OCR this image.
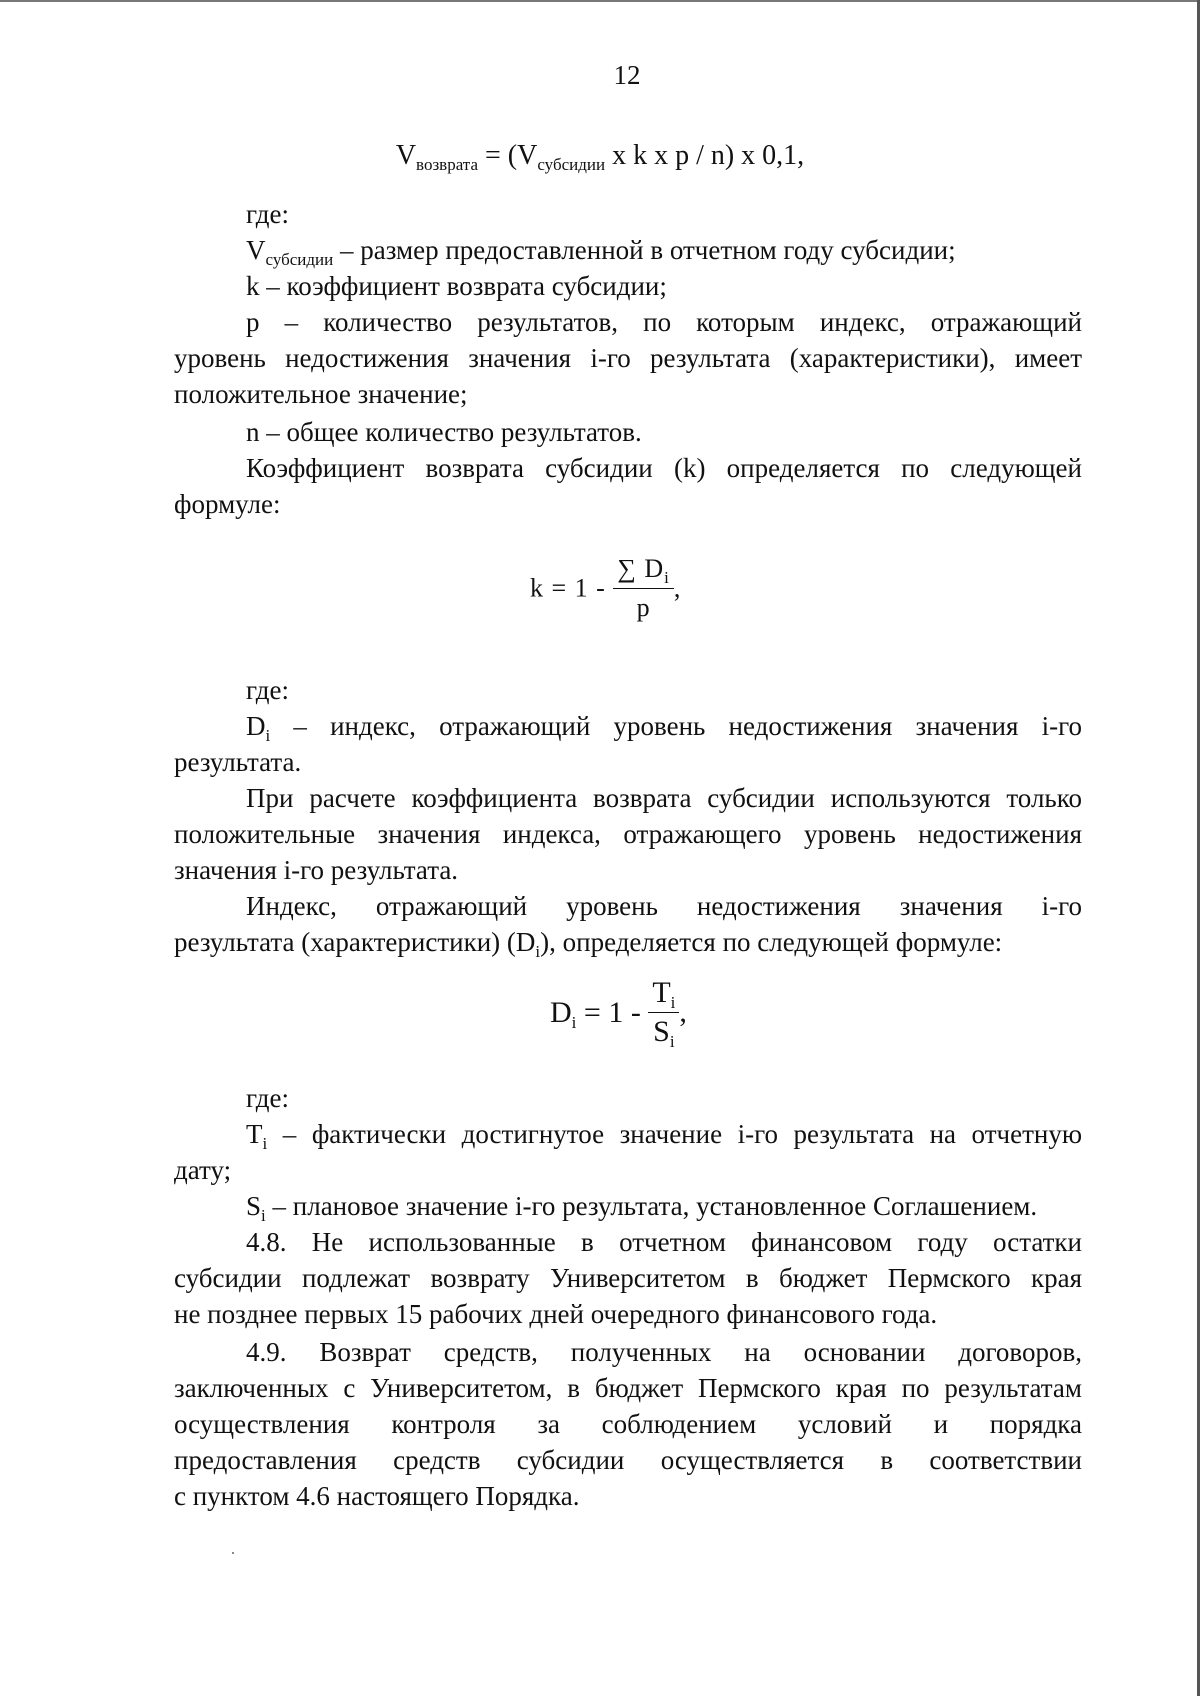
12
$V_{возврата} = (V_{субсидии}$ x k x p / n) x 0,1,

где:

$V_{субсидии}$ – размер предоставленной в отчетном году субсидии;

k – коэффициент возврата субсидии;

p – количество результатов, по которым индекс, отражающий
уровень недостижения значения i-го результата (характеристики), имеет
положительное значение;

n – общее количество результатов.

Коэффициент возврата субсидии (k) определяется по следующей
формуле:

где:

$D_i$ – индекс, отражающий уровень недостижения значения i-го
результата.
При расчете коэффициента возврата субсидии используются только
положительные значения индекса, отражающего уровень недостижения
значения i-го результата.
Индекс, отражающий уровень недостижения значения i-го
результата (характеристики) $(D_i)$, определяется по следующей формуле:

где:

$T_i$ – фактически достигнутое значение i-го результата на отчетную
дату;

$S_i$ – плановое значение i-го результата, установленное Соглашением.

4.8. Не использованные в отчетном финансовом году остатки
субсидии подлежат возврату Университетом в бюджет Пермского края
не позднее первых 15 рабочих дней очередного финансового года.
4.9. Возврат средств, полученных на основании договоров,
заключенных с Университетом, в бюджет Пермского края по результатам
осуществления контроля за соблюдением условий и порядка
предоставления средств субсидии осуществляется в соответствии
с пунктом 4.6 настоящего Порядка.
$k = 1 - \frac{\sum D_i}{p}$ ,
$D_i = 1 - \frac{T_i}{S_i}$ ,
